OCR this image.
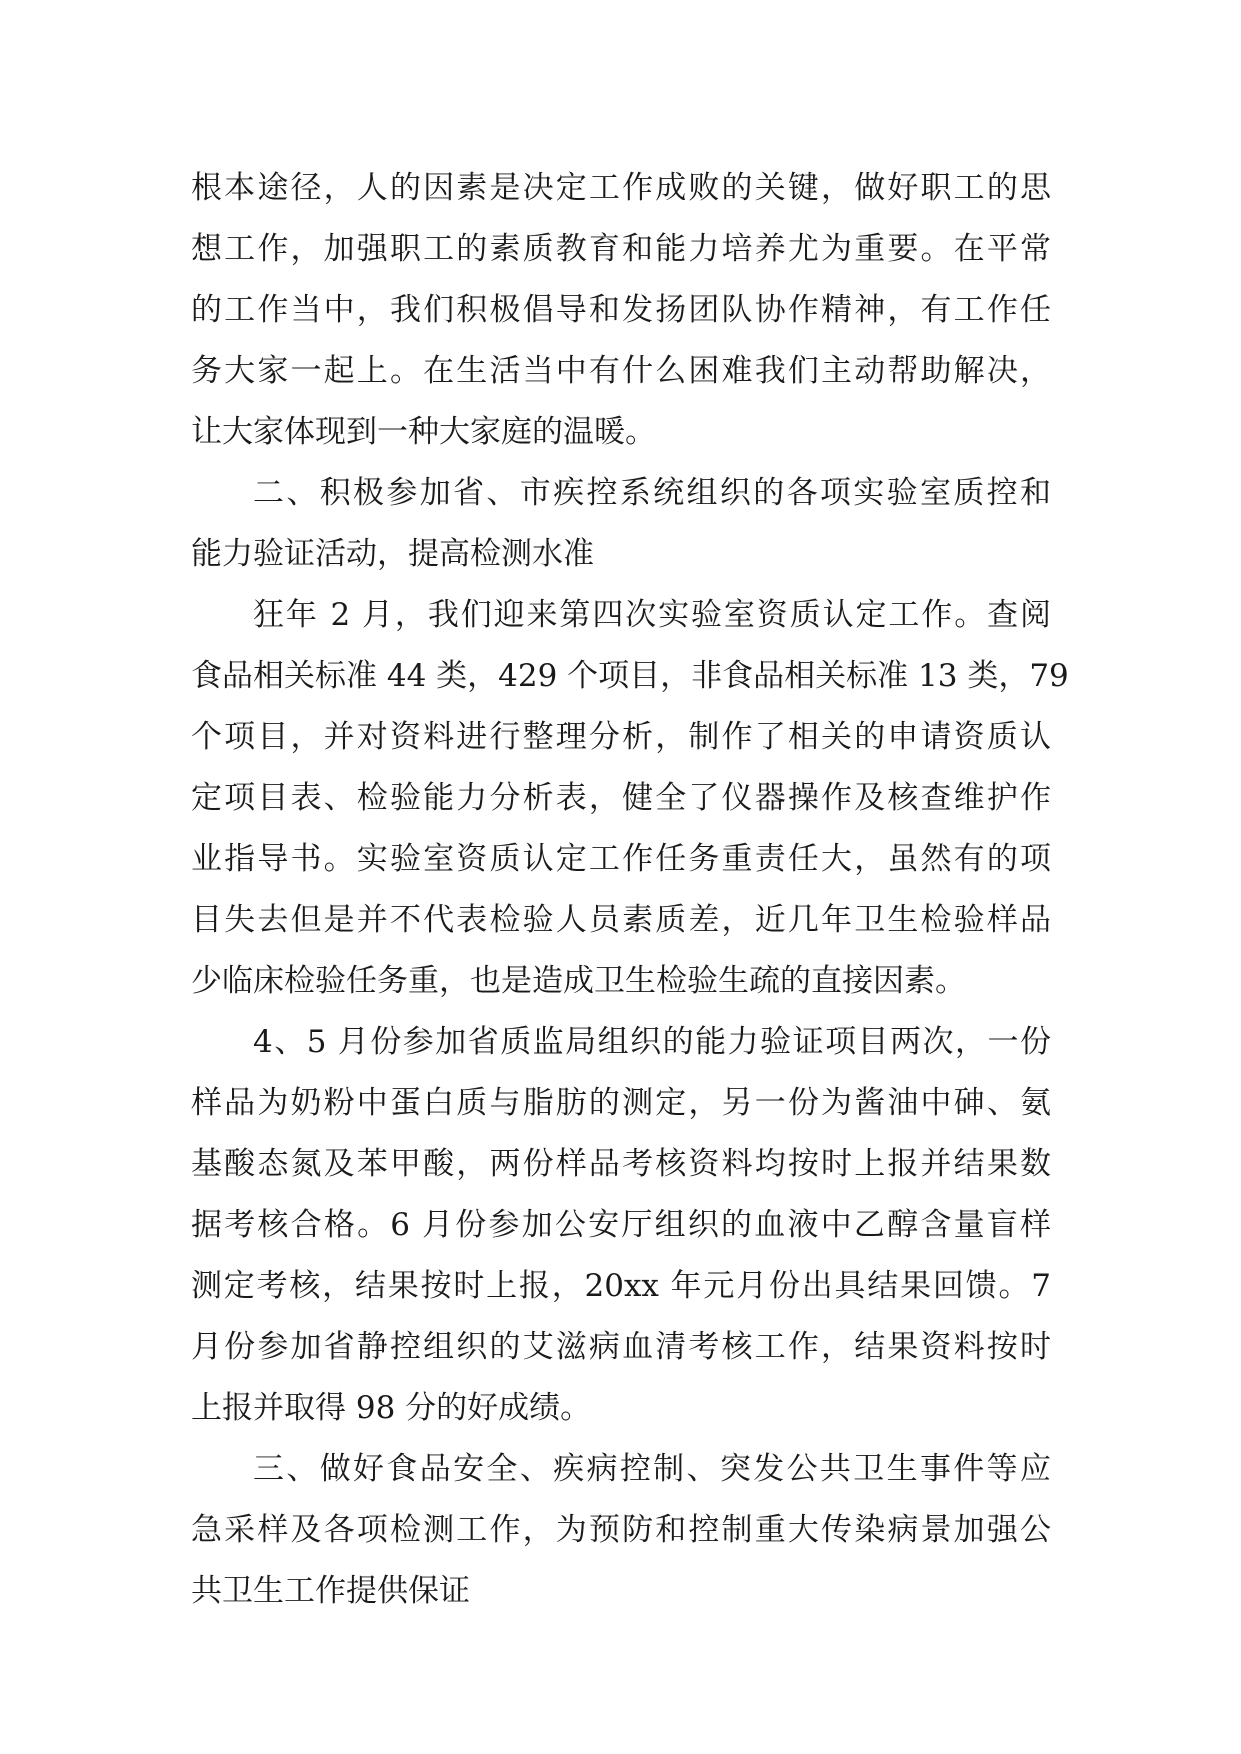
根本途径，人的因素是决定工作成败的关键，做好职工的思
想工作，加强职工的素质教育和能力培养尤为重要。在平常
的工作当中，我们积极倡导和发扬团队协作精神，有工作任
务大家一起上。在生活当中有什么困难我们主动帮助解决，
让大家体现到一种大家庭的温暖。
二、积极参加省、市疾控系统组织的各项实验室质控和
能力验证活动，提高检测水准
狂年 2 月，我们迎来第四次实验室资质认定工作。查阅
食品相关标准 44 类，429 个项目，非食品相关标准 13 类，79
个项目，并对资料进行整理分析，制作了相关的申请资质认
定项目表、检验能力分析表，健全了仪器操作及核查维护作
业指导书。实验室资质认定工作任务重责任大，虽然有的项
目失去但是并不代表检验人员素质差，近几年卫生检验样品
少临床检验任务重，也是造成卫生检验生疏的直接因素。
4、5 月份参加省质监局组织的能力验证项目两次，一份
样品为奶粉中蛋白质与脂肪的测定，另一份为酱油中砷、氨
基酸态氮及苯甲酸，两份样品考核资料均按时上报并结果数
据考核合格。6 月份参加公安厅组织的血液中乙醇含量盲样
测定考核，结果按时上报，20xx 年元月份出具结果回馈。7
月份参加省静控组织的艾滋病血清考核工作，结果资料按时
上报并取得 98 分的好成绩。
三、做好食品安全、疾病控制、突发公共卫生事件等应
急采样及各项检测工作，为预防和控制重大传染病景加强公
共卫生工作提供保证
